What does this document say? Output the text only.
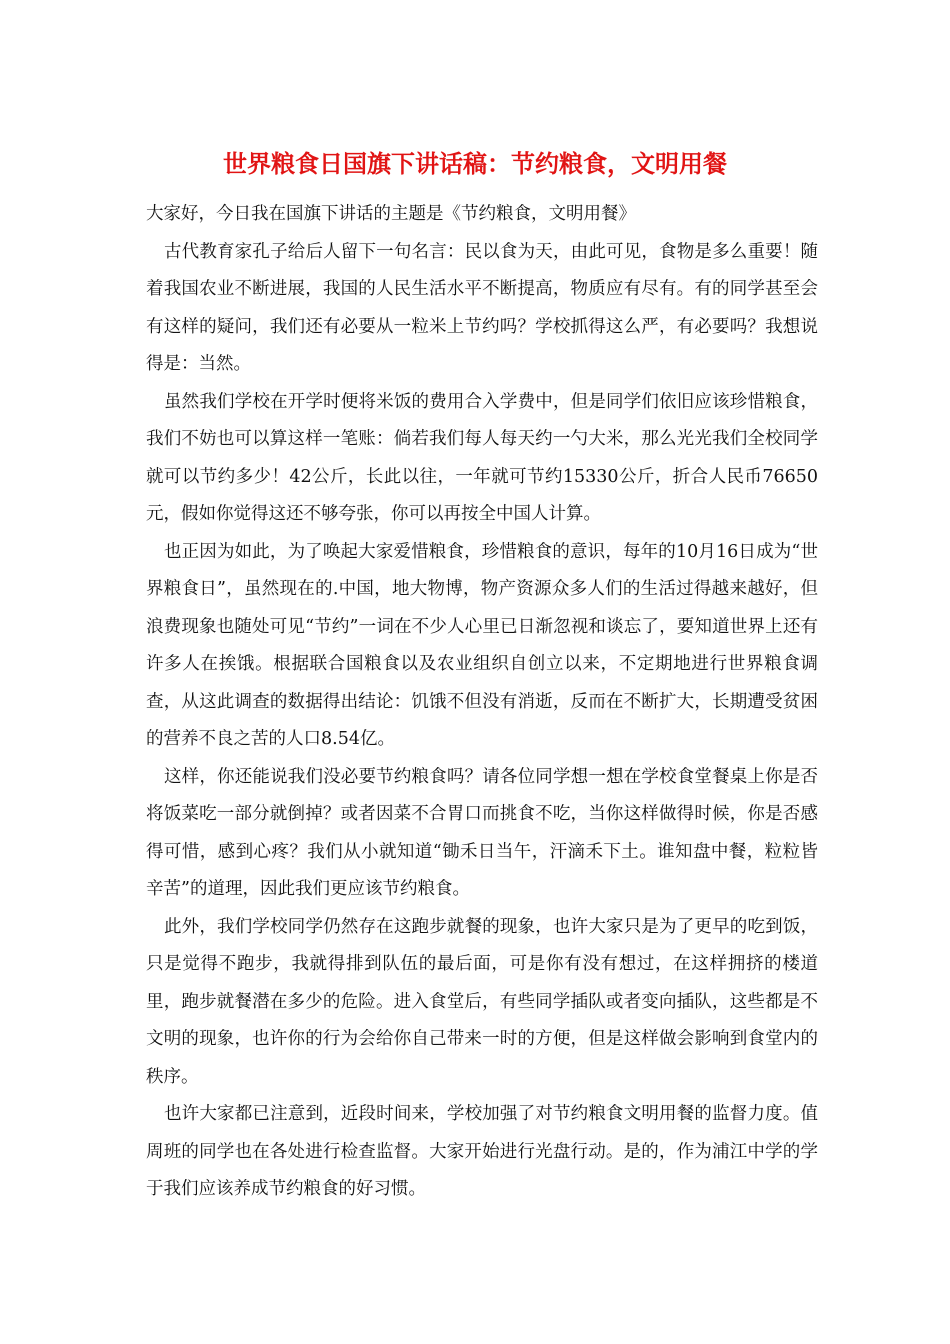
世界粮食日国旗下讲话稿：节约粮食，文明用餐

大家好，今日我在国旗下讲话的主题是《节约粮食，文明用餐》

古代教育家孔子给后人留下一句名言：民以食为天，由此可见，食物是多么重要！随着我国农业不断进展，我国的人民生活水平不断提高，物质应有尽有。有的同学甚至会有这样的疑问，我们还有必要从一粒米上节约吗？学校抓得这么严，有必要吗？我想说得是：当然。

虽然我们学校在开学时便将米饭的费用合入学费中，但是同学们依旧应该珍惜粮食，我们不妨也可以算这样一笔账：倘若我们每人每天约一勺大米，那么光光我们全校同学就可以节约多少！42公斤，长此以往，一年就可节约15330公斤，折合人民币76650元，假如你觉得这还不够夸张，你可以再按全中国人计算。

也正因为如此，为了唤起大家爱惜粮食，珍惜粮食的意识，每年的10月16日成为“世界粮食日”，虽然现在的.中国，地大物博，物产资源众多人们的生活过得越来越好，但浪费现象也随处可见“节约”一词在不少人心里已日渐忽视和谈忘了，要知道世界上还有许多人在挨饿。根据联合国粮食以及农业组织自创立以来，不定期地进行世界粮食调查，从这此调查的数据得出结论：饥饿不但没有消逝，反而在不断扩大，长期遭受贫困的营养不良之苦的人口8.54亿。

这样，你还能说我们没必要节约粮食吗？请各位同学想一想在学校食堂餐桌上你是否将饭菜吃一部分就倒掉？或者因菜不合胃口而挑食不吃，当你这样做得时候，你是否感得可惜，感到心疼？我们从小就知道“锄禾日当午，汗滴禾下土。谁知盘中餐，粒粒皆辛苦”的道理，因此我们更应该节约粮食。

此外，我们学校同学仍然存在这跑步就餐的现象，也许大家只是为了更早的吃到饭，只是觉得不跑步，我就得排到队伍的最后面，可是你有没有想过，在这样拥挤的楼道里，跑步就餐潜在多少的危险。进入食堂后，有些同学插队或者变向插队，这些都是不文明的现象，也许你的行为会给你自己带来一时的方便，但是这样做会影响到食堂内的秩序。

也许大家都已注意到，近段时间来，学校加强了对节约粮食文明用餐的监督力度。值周班的同学也在各处进行检查监督。大家开始进行光盘行动。是的，作为浦江中学的学于我们应该养成节约粮食的好习惯。
